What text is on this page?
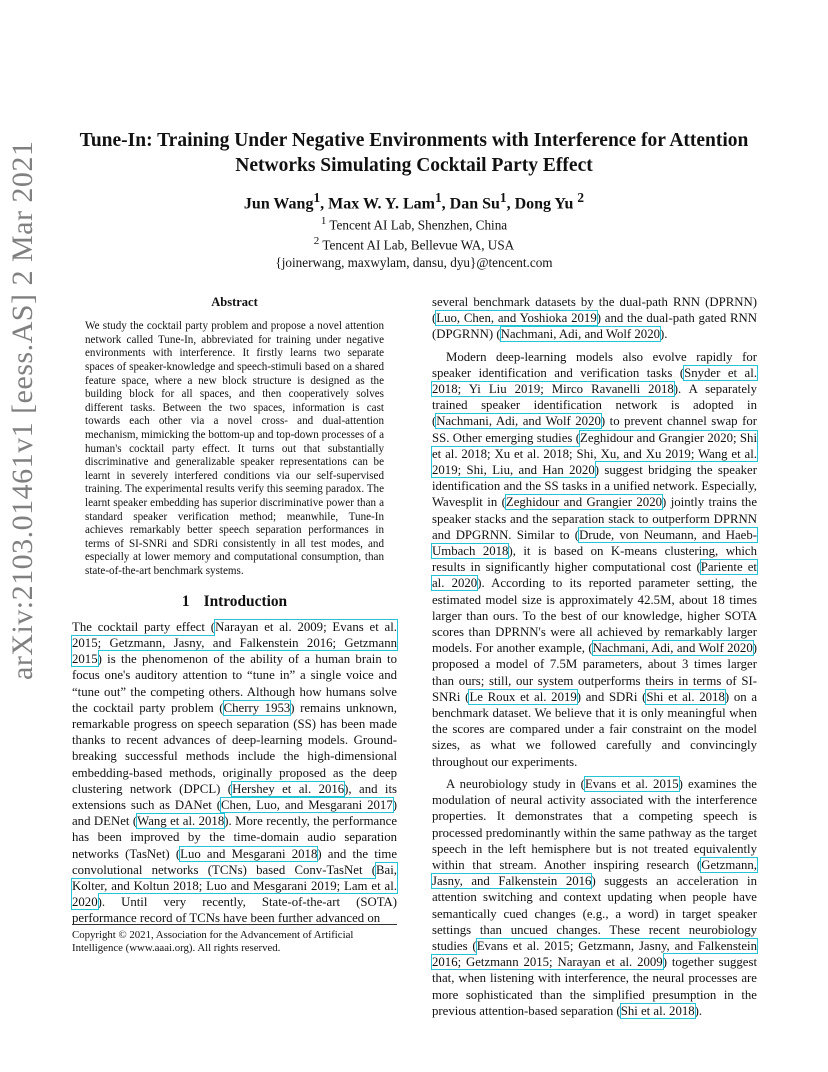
arXiv:2103.01461v1 [eess.AS] 2 Mar 2021
Tune-In: Training Under Negative Environments with Interference for Attention
Networks Simulating Cocktail Party Effect
Jun Wang$^1$, Max W. Y. Lam$^1$, Dan Su$^1$, Dong Yu $^2$
$^1$ Tencent AI Lab, Shenzhen, China
$^2$ Tencent AI Lab, Bellevue WA, USA
{joinerwang, maxwylam, dansu, dyu}@tencent.com
Abstract
We study the cocktail party problem and propose a novel attention network called Tune-In, abbreviated for training under negative environments with interference. It firstly learns two separate spaces of speaker-knowledge and speech-stimuli based on a shared feature space, where a new block structure is designed as the building block for all spaces, and then cooperatively solves different tasks. Between the two spaces, information is cast towards each other via a novel cross- and dual-attention mechanism, mimicking the bottom-up and top-down processes of a human's cocktail party effect. It turns out that substantially discriminative and generalizable speaker representations can be learnt in severely interfered conditions via our self-supervised training. The experimental results verify this seeming paradox. The learnt speaker embedding has superior discriminative power than a standard speaker verification method; meanwhile, Tune-In achieves remarkably better speech separation performances in terms of SI-SNRi and SDRi consistently in all test modes, and especially at lower memory and computational consumption, than state-of-the-art benchmark systems.
1 Introduction

The cocktail party effect (Narayan et al. 2009; Evans et al. 2015; Getzmann, Jasny, and Falkenstein 2016; Getzmann 2015) is the phenomenon of the ability of a human brain to focus one's auditory attention to “tune in” a single voice and “tune out” the competing others. Although how humans solve the cocktail party problem (Cherry 1953) remains unknown, remarkable progress on speech separation (SS) has been made thanks to recent advances of deep-learning models. Ground-breaking successful methods include the high-dimensional embedding-based methods, originally proposed as the deep clustering network (DPCL) (Hershey et al. 2016), and its extensions such as DANet (Chen, Luo, and Mesgarani 2017) and DENet (Wang et al. 2018). More recently, the performance has been improved by the time-domain audio separation networks (TasNet) (Luo and Mesgarani 2018) and the time convolutional networks (TCNs) based Conv-TasNet (Bai, Kolter, and Koltun 2018; Luo and Mesgarani 2019; Lam et al. 2020). Until very recently, State-of-the-art (SOTA) performance record of TCNs have been further advanced on

Copyright © 2021, Association for the Advancement of Artificial Intelligence (www.aaai.org). All rights reserved.

several benchmark datasets by the dual-path RNN (DPRNN) (Luo, Chen, and Yoshioka 2019) and the dual-path gated RNN (DPGRNN) (Nachmani, Adi, and Wolf 2020).

Modern deep-learning models also evolve rapidly for speaker identification and verification tasks (Snyder et al. 2018; Yi Liu 2019; Mirco Ravanelli 2018). A separately trained speaker identification network is adopted in (Nachmani, Adi, and Wolf 2020) to prevent channel swap for SS. Other emerging studies (Zeghidour and Grangier 2020; Shi et al. 2018; Xu et al. 2018; Shi, Xu, and Xu 2019; Wang et al. 2019; Shi, Liu, and Han 2020) suggest bridging the speaker identification and the SS tasks in a unified network. Especially, Wavesplit in (Zeghidour and Grangier 2020) jointly trains the speaker stacks and the separation stack to outperform DPRNN and DPGRNN. Similar to (Drude, von Neumann, and Haeb-Umbach 2018), it is based on K-means clustering, which results in significantly higher computational cost (Pariente et al. 2020). According to its reported parameter setting, the estimated model size is approximately 42.5M, about 18 times larger than ours. To the best of our knowledge, higher SOTA scores than DPRNN's were all achieved by remarkably larger models. For another example, (Nachmani, Adi, and Wolf 2020) proposed a model of 7.5M parameters, about 3 times larger than ours; still, our system outperforms theirs in terms of SI-SNRi (Le Roux et al. 2019) and SDRi (Shi et al. 2018) on a benchmark dataset. We believe that it is only meaningful when the scores are compared under a fair constraint on the model sizes, as what we followed carefully and convincingly throughout our experiments.

A neurobiology study in (Evans et al. 2015) examines the modulation of neural activity associated with the interference properties. It demonstrates that a competing speech is processed predominantly within the same pathway as the target speech in the left hemisphere but is not treated equivalently within that stream. Another inspiring research (Getzmann, Jasny, and Falkenstein 2016) suggests an acceleration in attention switching and context updating when people have semantically cued changes (e.g., a word) in target speaker settings than uncued changes. These recent neurobiology studies (Evans et al. 2015; Getzmann, Jasny, and Falkenstein 2016; Getzmann 2015; Narayan et al. 2009) together suggest that, when listening with interference, the neural processes are more sophisticated than the simplified presumption in the previous attention-based separation (Shi et al. 2018).
